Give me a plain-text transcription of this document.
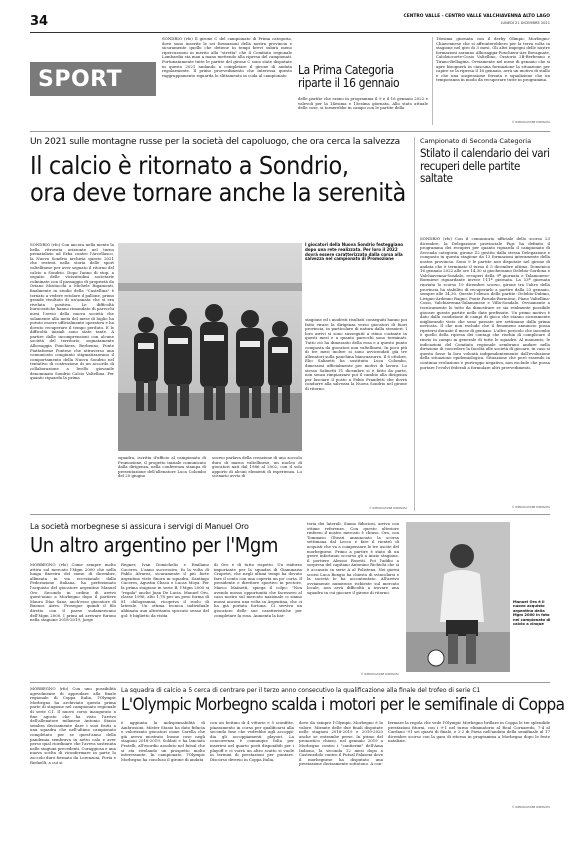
34	CENTRO VALLE - CENTRO VALLE VALCHIAVENNA ALTO LAGO
LUNEDÌ 21 DICEMBRE 2021
SPORT
SONDRIO (rfo) Il girone C del campionato di Prima categoria, dove sono inserite le sei formazioni della nostra provincia e sicuramente quello che detiene in tempi brevi subirà meno ripercussioni in merito alla "stretta" che il Comitato regionale Lombardia sta man a mano mettendo alla ripresa del campionati. Fortunatamente tutte le partite del girone C sono state disputate in questo 2021 andando a completare il girone di andata regolarmente. Il primo provvedimento che interessa questo raggruppamento riguarda lo slittamento in coda al campionato La Prima Categoria riparte il 16 gennaio
delle partite che erano in programma il 9 e il 16 gennaio 2022 e valevoli per la 14esima e 15esima giornata. Allo stato attuale delle cose, si tornerebbe in campo con le partite della
16esima giornata con il derby Olimpic Morbegno-Chiavennese che si affronterebbero per la terza volta in stagione nel giro di 3 mesi. Gli altri impegni delle nostre formazioni saranno Albosaggia-Ponchiera-Ars Bovagnate, Calolziocorte-Cosio Valtellino, Oratorio 2B-Berbenno e Tirano-Bellagina. Ovviamente nel mese di gennaio che si apre bisognerà in ciascuna formazione la situazione per capire se la ripresa il 16 gennaio, avrà un motivo di stallo e che una sospensione forzata e squalizione che un temporanea in modo da recuperare tutte in programma.
© RIPRODUZIONE RISERVATA
Un 2021 sulle montagne russe per la società del capoluogo, che ora cerca la salvezza
Il calcio è ritornato a Sondrio,
ora deve tornare anche la serenità
SONDRIO (rfo) Con ancora nella mente la bella ritrovata orizzonte nel turno prenatalizio ad Erba contro l'Arcellasco, la Nuova Sondrio archivia questo 2021 che resterà nella storia delle sport valtellinese per aver segnato il ritorno del calcio a Sondrio. Dopo l'anno di stop, a seguito delle vicissitudini societarie culminate con il passaggio di proprietà da Oriano Mostacchi a Michele Rigamonti, finalmente in studio della "Castellina" è tornato a vedere rotolare il pallone, primo grande risultato di un'annata che si era rivelata positiva. Le difficoltà burocratiche hanno rimandato di parecchi mesi l'avvio della nuova società che solamente alla metà del mese di luglio ha potuto essere ufficialmente operativa e ha dovuto recuperare il tempo perduto. E le difficoltà iniziali sono state tante. A partire dalle incomprensioni con alcune società del territorio, segnatamente Albosaggia Ponchiera, Berbenno, Ponte Piattaforme Pontese che attraverso una comunicato congiunto stigmatizzavano il comportamento della Nuova Sondrio nel tentativo di costruzione di un accordo di collaborazione a livello giovanile denominato Sondrio Calcio Valtellina. Per quanto riguarda la prima
I giocatori della Nuova Sondrio festeggiano dopo una rete realizzata. Per loro il 2022 dovrà essere caratterizzato dalla corsa alla salvezza nel campionato di Promozione
squadra, iscritta d'ufficio al campionato di Promozione, il progetto iniziale comunicato dalla dirigenza, nella conferenza stampa di presentazione dell'allenatore Luca Colombo del 20 giugno
scorso parlava della creazione di uno zoccolo duro di marca valtellinese, un nucleo di giocatori nati dal 1986 al 2002, con il solo apporto di alcuni elementi di esperienza. Lo scenario avvio di
stagione ed i modesti risultati conseguiti hanno poi fatto virare la dirigenza verso giocatori di fuori provincia, in particolare di natura dalla stranieri. I loro arrivi si sono susseguiti a ritmo costante in questi mesi e a quanto parecchi sono terminati. Tutto ciò ha dimezzato della rosa e a questo punto composta da giocatori non valtellinesi. In poco più di tre mesi inoltre si sono avvicendati già tre allenatori sulla panchina biancazzurra. Il 6 ottobre, Elio Salinetti ha sostituito Luca Colombo, dimessosi ufficialmente per motivi di lavoro. Lo stesso Salinetti l'1 dicembre si è fatto da parte, non senza rimpiazzare poi il cambio alla dirigenza per lasciare il posto a Fabio Prandetti che dovrà condurre alla salvezza la Nuova Sondrio nel girone di ritorno.
© RIPRODUZIONE RISERVATA
Campionato di Seconda Categoria
Stilato il calendario dei vari recuperi delle partite saltate
SONDRIO (rfo) Con il comunicato ufficiale dello scorso 23 dicembre, la Delegazione provinciale Figc ha definito il programma dei recuperi per quanto riguarda il campionato di Seconda categoria, girone Z2 gestito dalla stessa Delegazione e composto in questa stagione da 13 formazioni interamente della nostra provincia. Sono 9 le partite non disputate nel girone di andata che è terminato il turno il 5 dicembre ultimo. Domenica 16 gennaio 2022 alle ore 14,30 si giocheranno Delebio-Gordona e Valchiavenna-Sondalo, recuperi della 9ª giornata e Talamonese-Bormiese riguardante invece l'11ª giornata. La 13ª giornata rinviata lo scorso 19 dicembre scorso, girone tra l'altro della provincia ha stabilito di recuperarlo a partire dalla 23 gennaio, sempre alle 14,30. Queste l'elenco delle partite: Delebio-Dubino, Livigno-Ardenno Ragno, Ponte Paruda-Bormiese, Piano Valtellina-Cosio, Valchiavenna-Talamonese e Villa-Sondalo. Ovviamente a tecnicamente lo tutto da dimostrare se sia realmente possibile giocare queste partite nelle date prefissate. Un primo motivo è dato dalla condizione di campi di gioco che stanno sicuramente migliorando visto che sono passate ore settimane dalla prima nevicata. Il che non esclude che il fenomeno annuncio possa ripetersi durante il mese di gennaio. L'altro pericolo che incombe è quello della ripresa dei contagi che rischia di complicare il rinvio in campo in generale di tutte le squadre. Al momento, le indicazioni del Comitato regionale sembrano andare nella direzione di concedere la facoltà alle società di giocare, in caso si questa fosse la loro volontà indipendentemente dall'evoluzione della situazione epidemiologica. Situazione che però essendo in continua evoluzione e purtroppo negativa, non esclude che possa portare l'evolvi federali a formulare altri provvedimenti.
© RIPRODUZIONE RISERVATA
La società morbegnese si assicura i servigi di Manuel Oro
Un altro argentino per l'Mgm
MORBEGNO (rfo) Come sempre molto attiva sul mercato l'Mgm 2000 che nella lunga finestra del mese di dicembre, allineata in via eccezionale dalla Federazione Italiana, ha perfezionato l'acquisto del giocatore argentino Manuel Oro. Secondo in ordine di arrivo quest'anno a Morbegno dopo il partiere Mauro Díaz Sanz, anch'esso giocatore di Buenos Aires. Prosegue quindi il filo diretto con il paese sudamericano dell'Mgm 2000. I primi ad arrivare furono nella stagione 2018-2019, Jorge
Regner, Ivan Domichelis e Emiliano Caceres. L'anno successivo, fu la volta di Pablo Alvarez, sicuramente il più forte argentino visto finora in squadra, Santiago Caceres, Agustin Chaca e Lucas Moya. Per la prima stagione in serie B, l'Mgm 2000 si "regala" anche Juan De Lucia. Manuel Oro, classe 1996, alto 1,78 per un peso forma di 81 chilogrammi, ricopriva il ruolo di laterale. Un ottima tecnica individuale abbinata aun altrettanto spiccato senso del gol: è biglietto da visita
di Oro e di tutto rispetto. Un rinforzo importante per la squadra di Giammaria Crapetri, che negli ultimi tempi ha dovuto fare il conto con una coperta un po' corta. Il presidente e direttore sportivo in pectore, Marco Mainetti, spiega il colpo: "Non avendo mosso opportunità che facessero al caso nostro sul mercato nazionale ci siamo mossi ancora una volta in Argentina, che ci ha già portato fortuna. Ci serviva un giocatore delle sue caratteristiche per completare la rosa. Aumenta la bat-
teria dei laterali. Siamo fiduciosi, arriva con ottime referenze. Con questo ulteriore rinforzo il nostro mercato è chiuso. Ora, con Tommaso Ghezzi annunciato la scorsa settimana dal Lecco e fare il rientrò di acquisti che va a compensare le tre uscite del morbegnese. Primo a partire è stato di un grave infortunio occorso gli a inizio stagione, il portiere Alessio Rosetti. Poi l'addio a sorpresa del capitano Antonino Richichi che si è accasato in serie A al Polistena. Nei giorni scorsi Luca Bongio ha chiesto di svincolarsi e la società lo ha accontentato. All'arrivo ovviamente numerose richieste sul mercato locale, non avrà difficoltà a trovare una squadra in cui giocare il girone di ritorno.
© RIPRODUZIONE RISERVATA
Manuel Oro è il nuovo acquisto argentino della Mgm 2000 in foto nel campionato di calcio a cinque
MORBEGNO (rfo) Con uno possibilità agevolmente di approdare alla finale regionale di Coppa Italia, l'Olympic Morbegno ha archiviato questa prima parte di stagione nel campionato regionale di serie C1. Il nuovo corso inaugurato a fine agosto che ha visto l'arrivo dell'allenatore milanese Antonio Stasio sembra decisamente dare i suoi frutti a una squadra che nell'ultimo campionato completato per se quest'anno della pandemia sembrava in netto calo e aver perso qual riordinare che l'aveva sostenuta nelle stagioni precedenti. Coraggiosa e una nuova scelta di riconfermare in parte lo zoccolo duro formato da Lorenzoni, Porta e Redaelli, a cui si
La squadra di calcio a 5 cerca di centrare per il terzo anno consecutivo la qualificazione alla finale del trofeo di serie C1
L'Olympic Morbegno scalda i motori per le semifinale di Coppa
è aggiunta la indispensabilità di Ambrosioni. Mister Stasio ha dato fiducia e valorizzato giocatori come Carella che già aveva mostrato buone cose negli stagioni 2018-2019, Soldati e ha lanciato Fratelli, all'esordio assoluto nel futsal che si sta rivelando un prospetto molto interessante. In campionato, l'Olympic Morbegno ha concluso il girone di andata
con un bottino di 4 vittorie e 5 sconfitte, piazzamento in corsa per qualificarsi alla seconda fase che vedrebbe agli accoppi-dia gli accoppiamenti playout. La concorrenza è comunque folta per inserirsi nel quarto posti disponibili per i playoff e ci vorrà un altro scatto si vuole in termini di prestazioni per puntare. Discorso diverso in Coppa Italia,
dove da sempre l'Olympic Morbegno è la valore. Mirante delle due finali disputate nelle stagioni 2018-2019 e 2019-2020 anche se entrambe perse. In primo del pronostico chiuso, nel gennaio 2019 a Morbegno contro i "cantierini" dell'Ama Indiono, la seconda 12 mesi dopo a Castenedolo contro il Futsal Palaseni dove il morbegnese ha disputato una prestazione decisamente sottotono. A con-
fermare la regola che vede l'Olympic Morbegno brillare in Coppa le tre splendide prestazioni fitorni, con i 9-1 nel turno eliminatorio al Real Cornaredo, 7-4 al Cardano '91 sei quarti di finale, e 2-2 di Pavia nell'andata della semifinale al 17 dicembre scorso con la gara di ritorno in programma a Morbegno dopo le feste natalizie.
© RIPRODUZIONE RISERVATA
